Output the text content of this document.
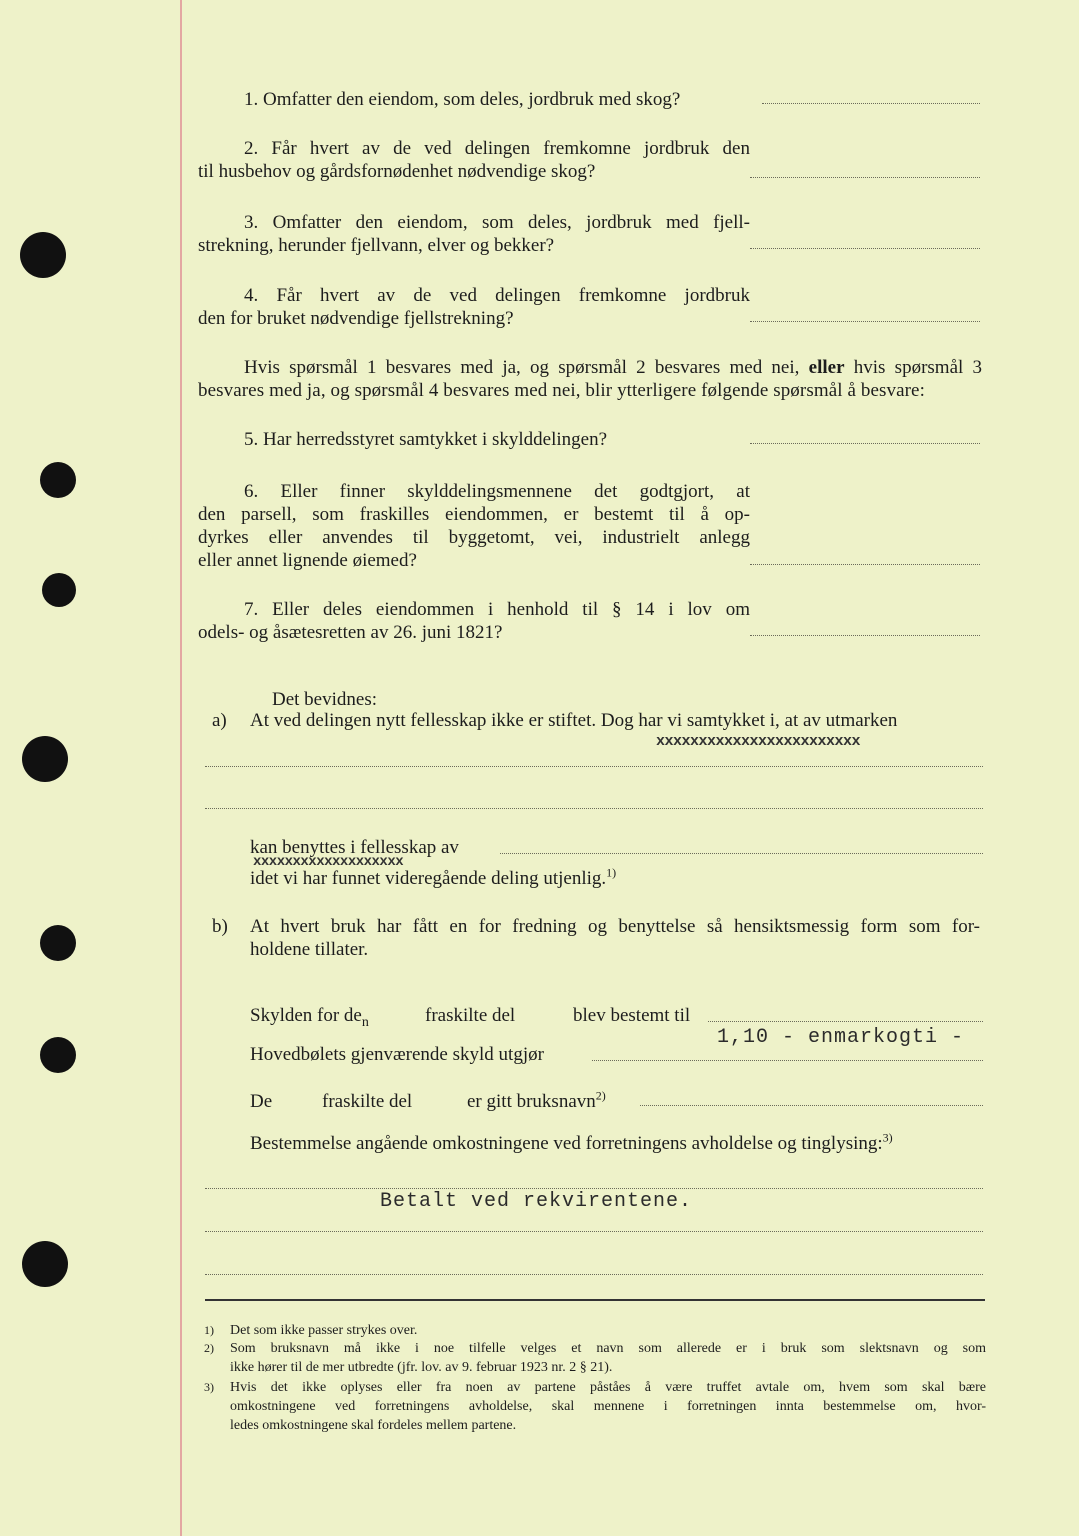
1. Omfatter den eiendom, som deles, jordbruk med skog?
2. Får hvert av de ved delingen fremkomne jordbruk den
til husbehov og gårdsfornødenhet nødvendige skog?
3. Omfatter den eiendom, som deles, jordbruk med fjell-
strekning, herunder fjellvann, elver og bekker?
4. Får hvert av de ved delingen fremkomne jordbruk
den for bruket nødvendige fjellstrekning?
Hvis spørsmål 1 besvares med ja, og spørsmål 2 besvares med nei, eller hvis spørsmål 3
besvares med ja, og spørsmål 4 besvares med nei, blir ytterligere følgende spørsmål å besvare:
5. Har herredsstyret samtykket i skylddelingen?
6. Eller finner skylddelingsmennene det godtgjort, at
den parsell, som fraskilles eiendommen, er bestemt til å op-
dyrkes eller anvendes til byggetomt, vei, industrielt anlegg
eller annet lignende øiemed?
7. Eller deles eiendommen i henhold til § 14 i lov om
odels- og åsætesretten av 26. juni 1821?
Det bevidnes:
a) At ved delingen nytt fellesskap ikke er stiftet. Dog har vi samtykket i, at av utmarken
xxxxxxxxxxxxxxxxxxxxxxxx
kan benyttes i fellesskap av
xxxxxxxxxxxxxxxxxxx
idet vi har funnet videregående deling utjenlig.$^{1)}$
b) At hvert bruk har fått en for fredning og benyttelse så hensiktsmessig form som for-
holdene tillater.
Skylden for $de_n$	fraskilte del	blev bestemt til
1,10 - enmarkogti -
Hovedbølets gjenværende skyld utgjør
De	fraskilte del	er gitt bruksnavn$^{2)}$
Bestemmelse angående omkostningene ved forretningens avholdelse og tinglysing:$^{3)}$
Betalt ved rekvirentene.
1) Det som ikke passer strykes over.
2) Som bruksnavn må ikke i noe tilfelle velges et navn som allerede er i bruk som slektsnavn og som
ikke hører til de mer utbredte (jfr. lov. av 9. februar 1923 nr. 2 § 21).
3) Hvis det ikke oplyses eller fra noen av partene påståes å være truffet avtale om, hvem som skal bære
omkostningene ved forretningens avholdelse, skal mennene i forretningen innta bestemmelse om, hvor-
ledes omkostningene skal fordeles mellem partene.
